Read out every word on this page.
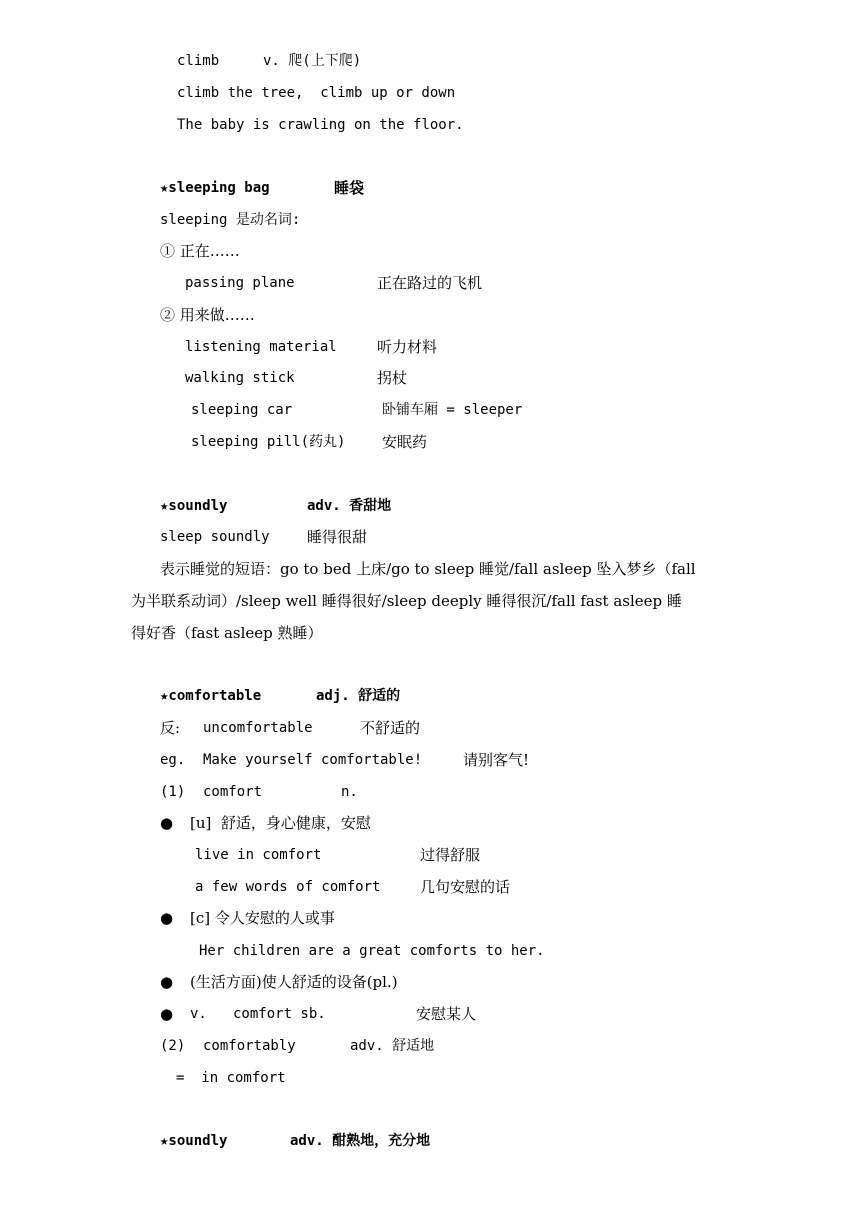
climb	v. 爬(上下爬)
climb the tree,  climb up or down
The baby is crawling on the floor.
★sleeping bag	睡袋
sleeping 是动名词:
① 正在……
passing plane	正在路过的飞机
② 用来做……
listening material	听力材料
walking stick	拐杖
sleeping car	卧铺车厢 = sleeper
sleeping pill(药丸) 安眠药
★soundly	adv. 香甜地
sleep soundly 睡得很甜
表示睡觉的短语：go to bed 上床/go to sleep 睡觉/fall asleep 坠入梦乡（fall
为半联系动词）/sleep well 睡得很好/sleep deeply 睡得很沉/fall fast asleep 睡
得好香（fast asleep 熟睡）
★comfortable	adj. 舒适的
反: uncomfortable	不舒适的
eg. Make yourself comfortable!	请别客气!
(1) comfort	n.
● [u]  舒适，身心健康，安慰
live in comfort	过得舒服
a few words of comfort	几句安慰的话
● [c] 令人安慰的人或事
Her children are a great comforts to her.
● (生活方面)使人舒适的设备(pl.)
● v. comfort sb.	安慰某人
(2) comfortably	adv. 舒适地
=  in comfort
★soundly	adv. 酣熟地，充分地
